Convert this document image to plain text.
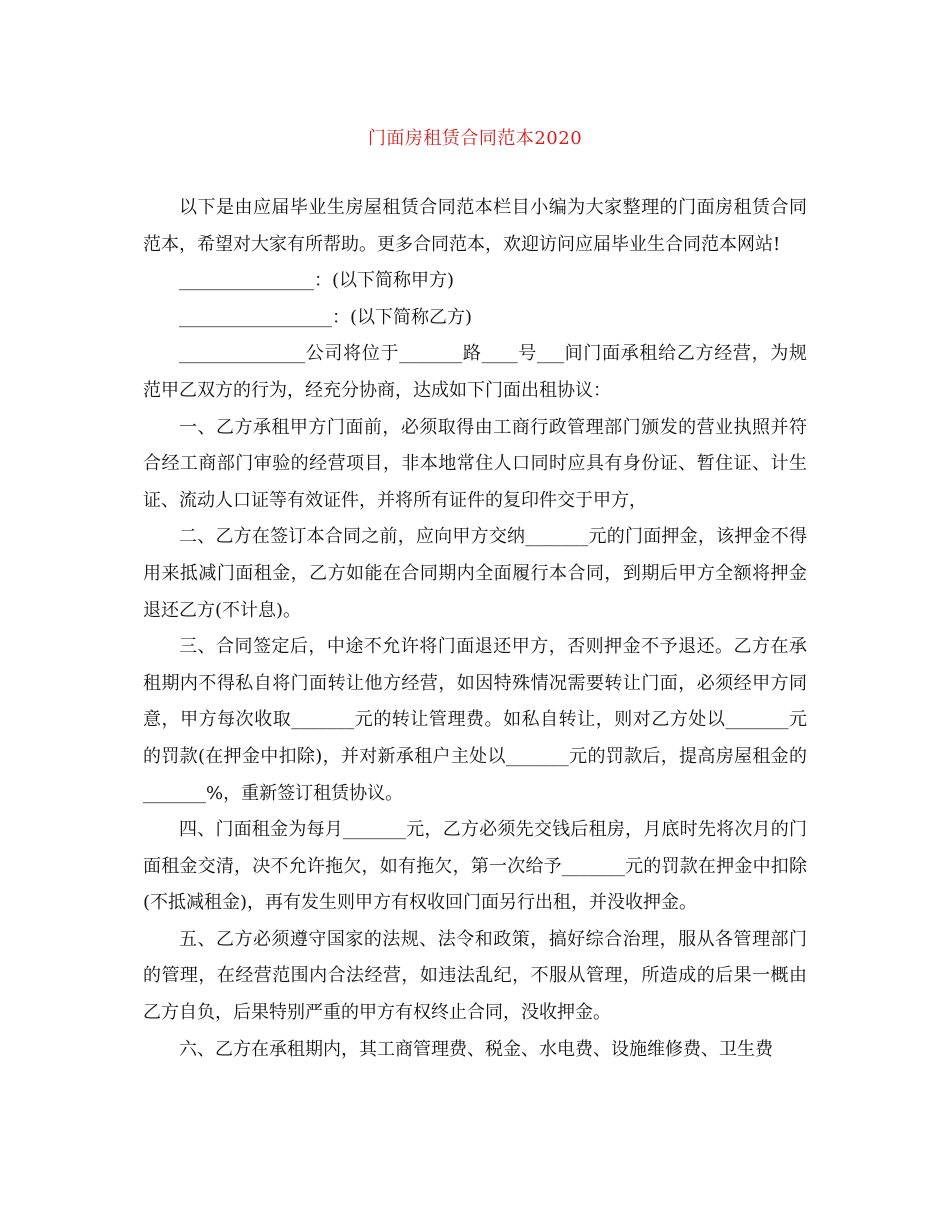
门面房租赁合同范本2020

以下是由应届毕业生房屋租赁合同范本栏目小编为大家整理的门面房租赁合同范本，希望对大家有所帮助。更多合同范本，欢迎访问应届毕业生合同范本网站!

_______________：(以下简称甲方)

_________________：(以下简称乙方)

______________公司将位于_______路____号___间门面承租给乙方经营，为规范甲乙双方的行为，经充分协商，达成如下门面出租协议：

一、乙方承租甲方门面前，必须取得由工商行政管理部门颁发的营业执照并符合经工商部门审验的经营项目，非本地常住人口同时应具有身份证、暂住证、计生证、流动人口证等有效证件，并将所有证件的复印件交于甲方，

二、乙方在签订本合同之前，应向甲方交纳_______元的门面押金，该押金不得用来抵减门面租金，乙方如能在合同期内全面履行本合同，到期后甲方全额将押金退还乙方(不计息)。

三、合同签定后，中途不允许将门面退还甲方，否则押金不予退还。乙方在承租期内不得私自将门面转让他方经营，如因特殊情况需要转让门面，必须经甲方同意，甲方每次收取_______元的转让管理费。如私自转让，则对乙方处以_______元的罚款(在押金中扣除)，并对新承租户主处以_______元的罚款后，提高房屋租金的_______%，重新签订租赁协议。

四、门面租金为每月_______元，乙方必须先交钱后租房，月底时先将次月的门面租金交清，决不允许拖欠，如有拖欠，第一次给予_______元的罚款在押金中扣除(不抵减租金)，再有发生则甲方有权收回门面另行出租，并没收押金。

五、乙方必须遵守国家的法规、法令和政策，搞好综合治理，服从各管理部门的管理，在经营范围内合法经营，如违法乱纪，不服从管理，所造成的后果一概由乙方自负，后果特别严重的甲方有权终止合同，没收押金。

六、乙方在承租期内，其工商管理费、税金、水电费、设施维修费、卫生费
